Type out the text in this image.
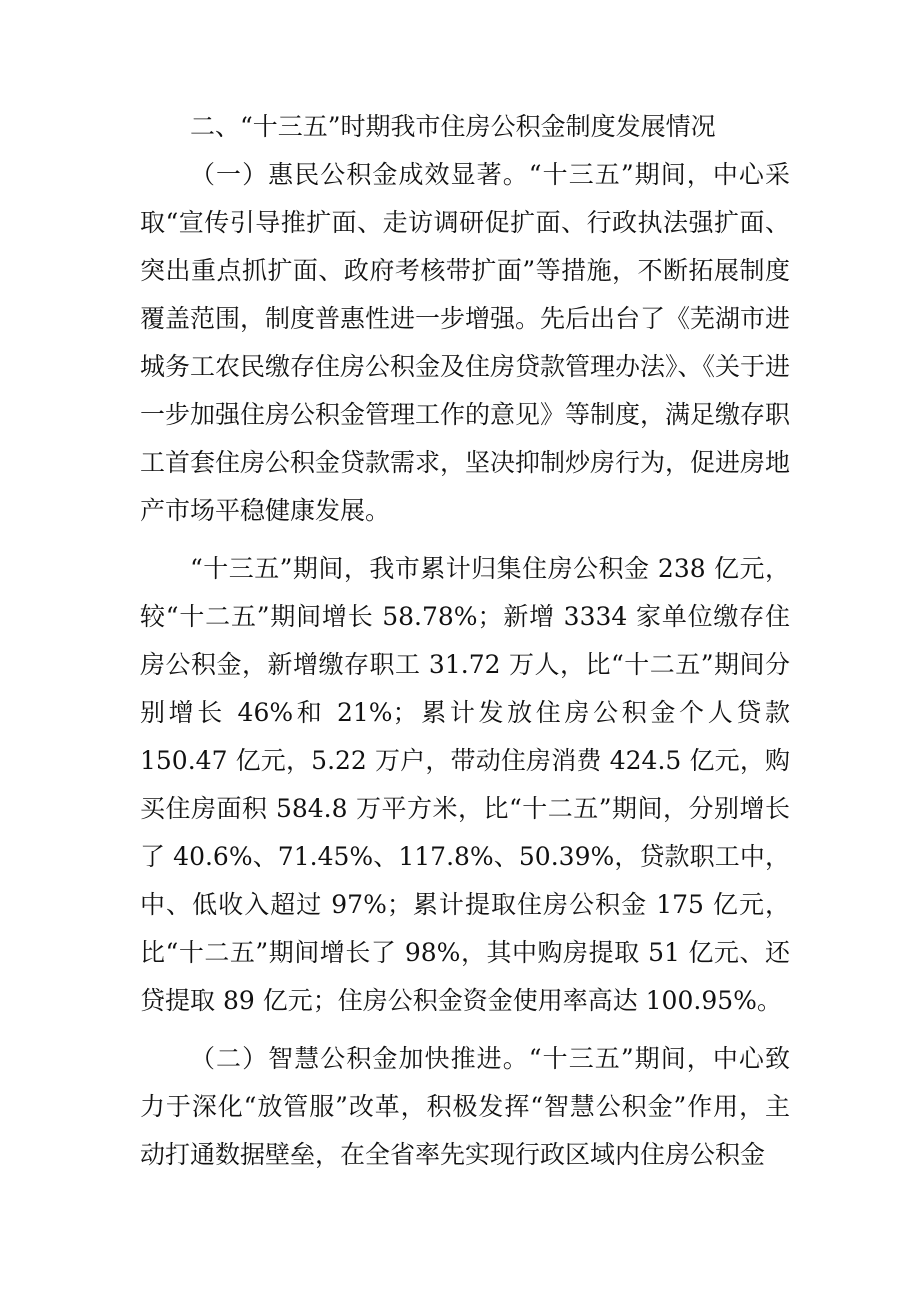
二、“十三五”时期我市住房公积金制度发展情况

（一）惠民公积金成效显著。“十三五”期间，中心采取“宣传引导推扩面、走访调研促扩面、行政执法强扩面、突出重点抓扩面、政府考核带扩面”等措施，不断拓展制度覆盖范围，制度普惠性进一步增强。先后出台了《芜湖市进城务工农民缴存住房公积金及住房贷款管理办法》、《关于进一步加强住房公积金管理工作的意见》等制度，满足缴存职工首套住房公积金贷款需求，坚决抑制炒房行为，促进房地产市场平稳健康发展。

“十三五”期间，我市累计归集住房公积金 238 亿元，较“十二五”期间增长 58.78%；新增 3334 家单位缴存住房公积金，新增缴存职工 31.72 万人，比“十二五”期间分别增长 46%和 21%；累计发放住房公积金个人贷款 150.47 亿元，5.22 万户，带动住房消费 424.5 亿元，购买住房面积 584.8 万平方米，比“十二五”期间，分别增长了 40.6%、71.45%、117.8%、50.39%，贷款职工中，中、低收入超过 97%；累计提取住房公积金 175 亿元，比“十二五”期间增长了 98%，其中购房提取 51 亿元、还贷提取 89 亿元；住房公积金资金使用率高达 100.95%。

（二）智慧公积金加快推进。“十三五”期间，中心致力于深化“放管服”改革，积极发挥“智慧公积金”作用，主动打通数据壁垒，在全省率先实现行政区域内住房公积金
